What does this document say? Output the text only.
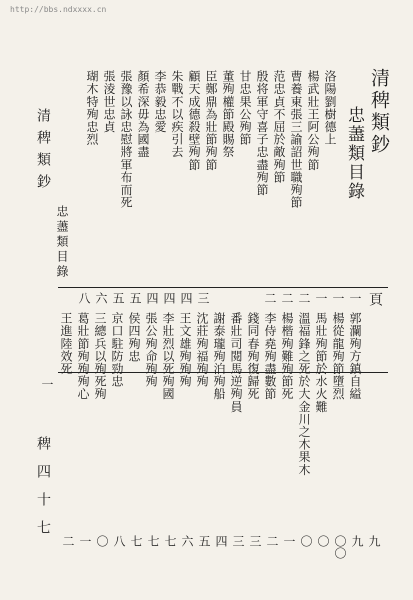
http://bbs.ndxxxx.cn
清稗類鈔
忠藎類目錄
洛陽劉樹德上
楊武壯王阿公殉節
曹養東張三諭詔世職殉節
范忠貞不屈於敵殉節
殷将軍守喜子忠盡殉節
甘忠果公殉節
董殉權節殿賜祭
臣鄭鼎為壯節殉節
顧天成德殺壁殉節
朱戰不以疾引去
李恭毅忠愛
顏希深毋為國盡
張豫以詠忠慰將軍布而死
張淩世忠貞
瑚木特殉忠烈
清稗類鈔
忠藎類目錄
頁
一
一
一
二
二
二
三
四
四
四
五
五
六
八
郭瀾殉方鎮自縊
楊從龍殉節墮烈
馬壯殉節於水火難
溫福鋒之死於大金川之木果木
楊楷殉難殉節死
李侍堯殉盡數節
錢同春殉復歸死
番壯司閱馬逆殉員
謝泰瓏殉泊殉船
沈莊殉福殉殉
王文雄殉殉殉
李壯烈以死殉國
張公殉命殉殉
侯四殉忠
京口駐防勁忠
三總兵以殉死殉
葛壯節殉殉殉心
王進陸效死
一
稗四十七	九
九
〇〇
〇
〇
一
二
三
三
四
五
六
七
七
七
八
〇
一
二
